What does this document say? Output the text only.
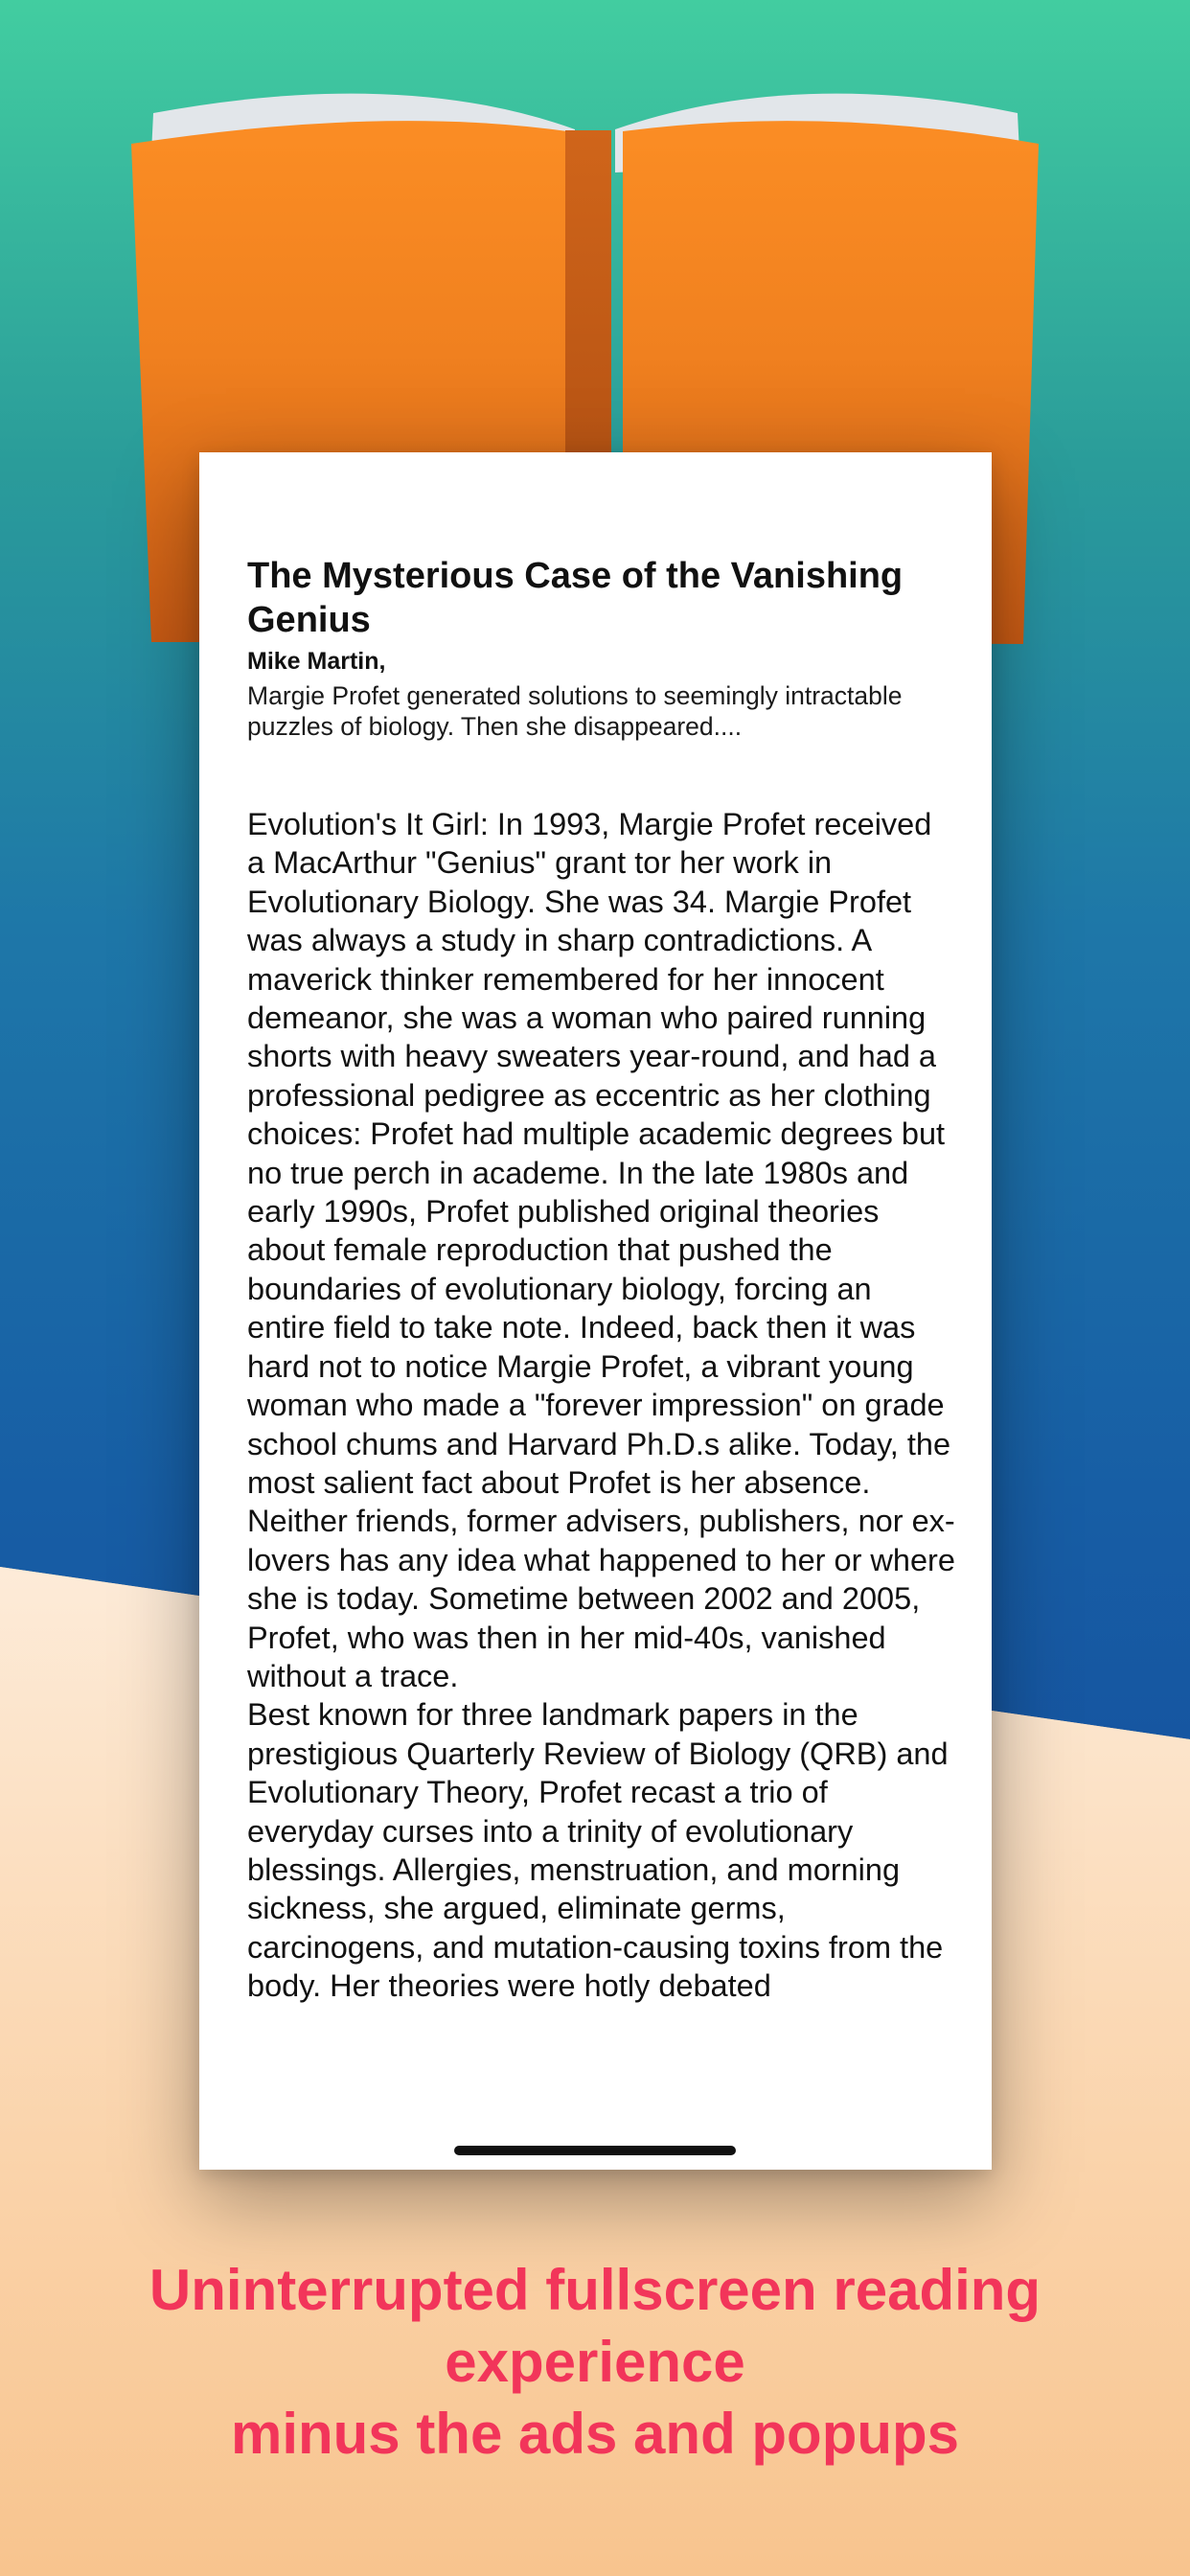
The Mysterious Case of the Vanishing Genius
Mike Martin,
Margie Profet generated solutions to seemingly intractable puzzles of biology. Then she disappeared....

Evolution's It Girl: In 1993, Margie Profet received a MacArthur "Genius" grant tor her work in Evolutionary Biology. She was 34. Margie Profet was always a study in sharp contradictions. A maverick thinker remembered for her innocent demeanor, she was a woman who paired running shorts with heavy sweaters year-round, and had a professional pedigree as eccentric as her clothing choices: Profet had multiple academic degrees but no true perch in academe. In the late 1980s and early 1990s, Profet published original theories about female reproduction that pushed the boundaries of evolutionary biology, forcing an entire field to take note. Indeed, back then it was hard not to notice Margie Profet, a vibrant young woman who made a "forever impression" on grade school chums and Harvard Ph.D.s alike. Today, the most salient fact about Profet is her absence. Neither friends, former advisers, publishers, nor ex-lovers has any idea what happened to her or where she is today. Sometime between 2002 and 2005, Profet, who was then in her mid-40s, vanished without a trace.

Best known for three landmark papers in the prestigious Quarterly Review of Biology (QRB) and Evolutionary Theory, Profet recast a trio of everyday curses into a trinity of evolutionary blessings. Allergies, menstruation, and morning sickness, she argued, eliminate germs, carcinogens, and mutation-causing toxins from the body. Her theories were hotly debated

Uninterrupted fullscreen reading
experience
minus the ads and popups
